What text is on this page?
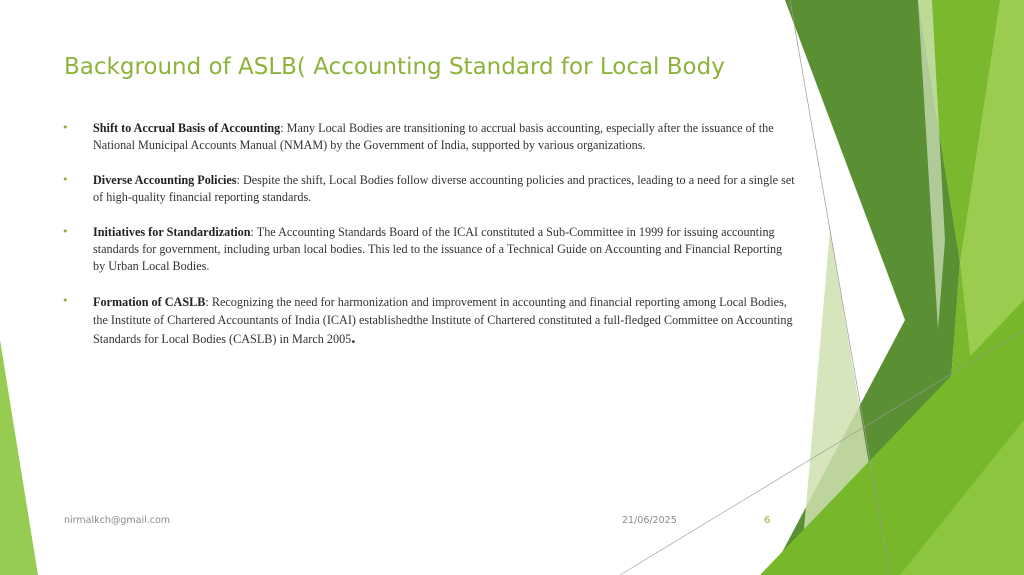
Background of ASLB( Accounting Standard for Local Body
• Shift to Accrual Basis of Accounting: Many Local Bodies are transitioning to accrual basis accounting, especially after the issuance of the National Municipal Accounts Manual (NMAM) by the Government of India, supported by various organizations.
• Diverse Accounting Policies: Despite the shift, Local Bodies follow diverse accounting policies and practices, leading to a need for a single set of high-quality financial reporting standards.
• Initiatives for Standardization: The Accounting Standards Board of the ICAI constituted a Sub-Committee in 1999 for issuing accounting standards for government, including urban local bodies. This led to the issuance of a Technical Guide on Accounting and Financial Reporting by Urban Local Bodies.
• Formation of CASLB: Recognizing the need for harmonization and improvement in accounting and financial reporting among Local Bodies, the Institute of Chartered Accountants of India (ICAI) establishedthe Institute of Chartered constituted a full-fledged Committee on Accounting Standards for Local Bodies (CASLB) in March 2005.
nirmalkch@gmail.com	21/06/2025	6
